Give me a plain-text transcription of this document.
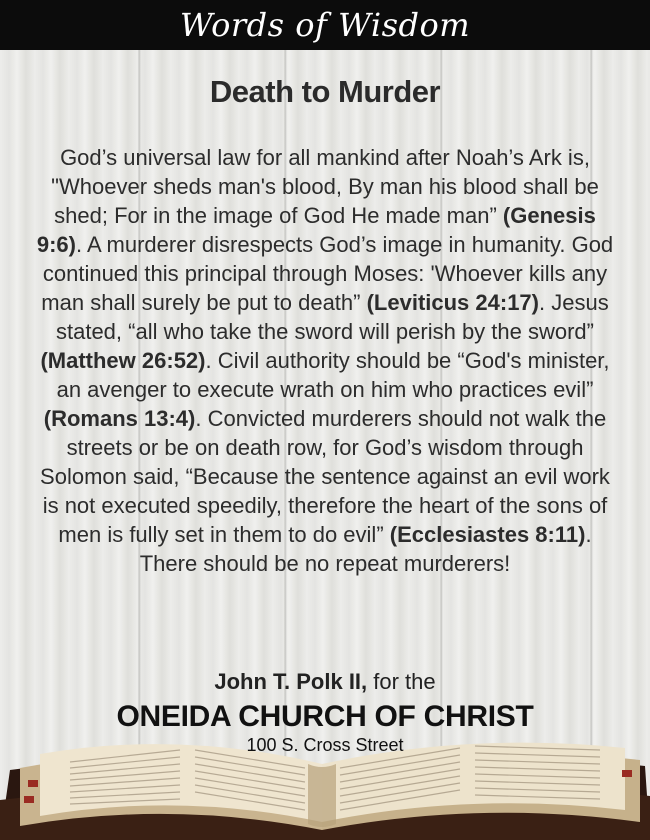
Words of Wisdom
Death to Murder
God’s universal law for all mankind after Noah’s Ark is, "Whoever sheds man's blood, By man his blood shall be shed; For in the image of God He made man” (Genesis 9:6). A murderer disrespects God’s image in humanity. God continued this principal through Moses: 'Whoever kills any man shall surely be put to death” (Leviticus 24:17). Jesus stated, “all who take the sword will perish by the sword” (Matthew 26:52). Civil authority should be “God's minister, an avenger to execute wrath on him who practices evil” (Romans 13:4). Convicted murderers should not walk the streets or be on death row, for God’s wisdom through Solomon said, “Because the sentence against an evil work is not executed speedily, therefore the heart of the sons of men is fully set in them to do evil” (Ecclesiastes 8:11). There should be no repeat murderers!
John T. Polk II, for the
ONEIDA CHURCH OF CHRIST
100 S. Cross Street
